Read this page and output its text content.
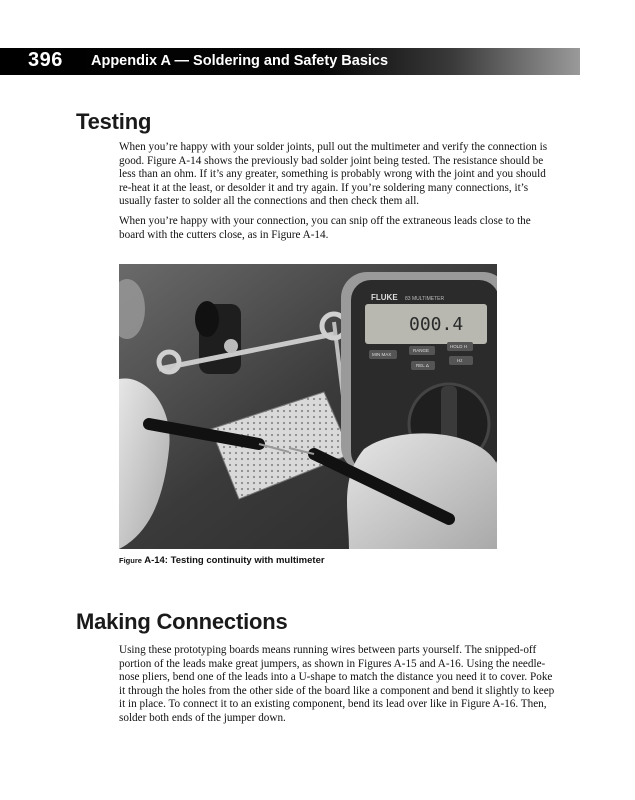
396 Appendix A — Soldering and Safety Basics
Testing

When you’re happy with your solder joints, pull out the multimeter and verify the connection is good. Figure A-14 shows the previously bad solder joint being tested. The resistance should be less than an ohm. If it’s any greater, something is probably wrong with the joint and you should re-heat it at the least, or desolder it and try again. If you’re soldering many connections, it’s usually faster to solder all the connections and then check them all.

When you’re happy with your connection, you can snip off the extraneous leads close to the board with the cutters close, as in Figure A-14.

FLUKE 83 MULTIMETER
000.4
MIN MAX
RANGE
HOLD H
REL Δ
Hz
Figure A-14: Testing continuity with multimeter
Making Connections

Using these prototyping boards means running wires between parts yourself. The snipped-off portion of the leads make great jumpers, as shown in Figures A-15 and A-16. Using the needle-nose pliers, bend one of the leads into a U-shape to match the distance you need it to cover. Poke it through the holes from the other side of the board like a component and bend it slightly to keep it in place. To connect it to an existing component, bend its lead over like in Figure A-16. Then, solder both ends of the jumper down.
